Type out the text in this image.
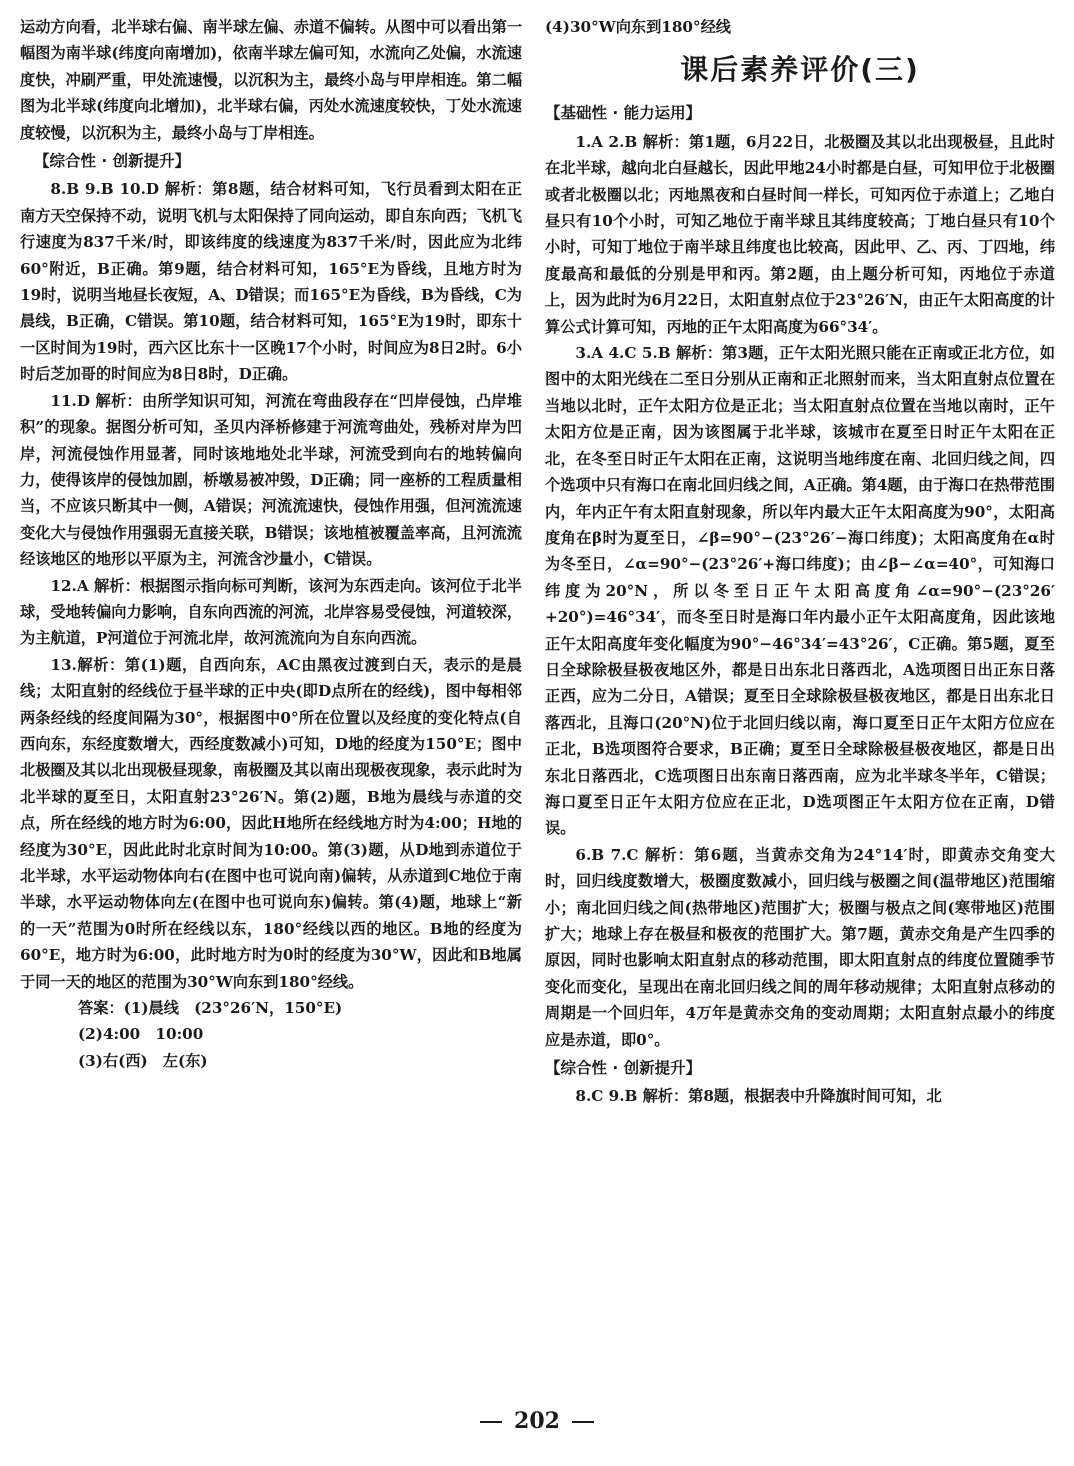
运动方向看，北半球右偏、南半球左偏、赤道不偏转。从图中可以看出第一幅图为南半球(纬度向南增加)，依南半球左偏可知，水流向乙处偏，水流速度快，冲刷严重，甲处流速慢，以沉积为主，最终小岛与甲岸相连。第二幅图为北半球(纬度向北增加)，北半球右偏，丙处水流速度较快，丁处水流速度较慢，以沉积为主，最终小岛与丁岸相连。

【综合性 · 创新提升】

8.B 9.B 10.D 解析：第8题，结合材料可知，飞行员看到太阳在正南方天空保持不动，说明飞机与太阳保持了同向运动，即自东向西；飞机飞行速度为837千米/时，即该纬度的线速度为837千米/时，因此应为北纬60°附近，B正确。第9题，结合材料可知，165°E为昏线，且地方时为19时，说明当地昼长夜短，A、D错误；而165°E为昏线，B为昏线，C为晨线，B正确，C错误。第10题，结合材料可知，165°E为19时，即东十一区时间为19时，西六区比东十一区晚17个小时，时间应为8日2时。6小时后芝加哥的时间应为8日8时，D正确。

11.D 解析：由所学知识可知，河流在弯曲段存在“凹岸侵蚀，凸岸堆积”的现象。据图分析可知，圣贝内泽桥修建于河流弯曲处，残桥对岸为凹岸，河流侵蚀作用显著，同时该地地处北半球，河流受到向右的地转偏向力，使得该岸的侵蚀加剧，桥墩易被冲毁，D正确；同一座桥的工程质量相当，不应该只断其中一侧，A错误；河流流速快，侵蚀作用强，但河流流速变化大与侵蚀作用强弱无直接关联，B错误；该地植被覆盖率高，且河流流经该地区的地形以平原为主，河流含沙量小，C错误。

12.A 解析：根据图示指向标可判断，该河为东西走向。该河位于北半球，受地转偏向力影响，自东向西流的河流，北岸容易受侵蚀，河道较深，为主航道，P河道位于河流北岸，故河流流向为自东向西流。

13.解析：第(1)题，自西向东，AC由黑夜过渡到白天，表示的是晨线；太阳直射的经线位于昼半球的正中央(即D点所在的经线)，图中每相邻两条经线的经度间隔为30°，根据图中0°所在位置以及经度的变化特点(自西向东，东经度数增大，西经度数减小)可知，D地的经度为150°E；图中北极圈及其以北出现极昼现象，南极圈及其以南出现极夜现象，表示此时为北半球的夏至日，太阳直射23°26′N。第(2)题，B地为晨线与赤道的交点，所在经线的地方时为6:00，因此H地所在经线地方时为4:00；H地的经度为30°E，因此此时北京时间为10:00。第(3)题，从D地到赤道位于北半球，水平运动物体向右(在图中也可说向南)偏转，从赤道到C地位于南半球，水平运动物体向左(在图中也可说向东)偏转。第(4)题，地球上“新的一天”范围为0时所在经线以东，180°经线以西的地区。B地的经度为60°E，地方时为6:00，此时地方时为0时的经度为30°W，因此和B地属于同一天的地区的范围为30°W向东到180°经线。

答案：(1)晨线　(23°26′N，150°E)

(2)4:00　10:00

(3)右(西)　左(东)

(4)30°W向东到180°经线

课后素养评价(三)
【基础性 · 能力运用】

1.A 2.B 解析：第1题，6月22日，北极圈及其以北出现极昼，且此时在北半球，越向北白昼越长，因此甲地24小时都是白昼，可知甲位于北极圈或者北极圈以北；丙地黑夜和白昼时间一样长，可知丙位于赤道上；乙地白昼只有10个小时，可知乙地位于南半球且其纬度较高；丁地白昼只有10个小时，可知丁地位于南半球且纬度也比较高，因此甲、乙、丙、丁四地，纬度最高和最低的分别是甲和丙。第2题，由上题分析可知，丙地位于赤道上，因为此时为6月22日，太阳直射点位于23°26′N，由正午太阳高度的计算公式计算可知，丙地的正午太阳高度为66°34′。

3.A 4.C 5.B 解析：第3题，正午太阳光照只能在正南或正北方位，如图中的太阳光线在二至日分别从正南和正北照射而来，当太阳直射点位置在当地以北时，正午太阳方位是正北；当太阳直射点位置在当地以南时，正午太阳方位是正南，因为该图属于北半球，该城市在夏至日时正午太阳在正北，在冬至日时正午太阳在正南，这说明当地纬度在南、北回归线之间，四个选项中只有海口在南北回归线之间，A正确。第4题，由于海口在热带范围内，年内正午有太阳直射现象，所以年内最大正午太阳高度为90°，太阳高度角在β时为夏至日，∠β=90°−(23°26′−海口纬度)；太阳高度角在α时为冬至日，∠α=90°−(23°26′+海口纬度)；由∠β−∠α=40°，可知海口纬度为20°N，所以冬至日正午太阳高度角∠α=90°−(23°26′+20°)=46°34′，而冬至日时是海口年内最小正午太阳高度角，因此该地正午太阳高度年变化幅度为90°−46°34′=43°26′，C正确。第5题，夏至日全球除极昼极夜地区外，都是日出东北日落西北，A选项图日出正东日落正西，应为二分日，A错误；夏至日全球除极昼极夜地区，都是日出东北日落西北，且海口(20°N)位于北回归线以南，海口夏至日正午太阳方位应在正北，B选项图符合要求，B正确；夏至日全球除极昼极夜地区，都是日出东北日落西北，C选项图日出东南日落西南，应为北半球冬半年，C错误；海口夏至日正午太阳方位应在正北，D选项图正午太阳方位在正南，D错误。

6.B 7.C 解析：第6题，当黄赤交角为24°14′时，即黄赤交角变大时，回归线度数增大，极圈度数减小，回归线与极圈之间(温带地区)范围缩小；南北回归线之间(热带地区)范围扩大；极圈与极点之间(寒带地区)范围扩大；地球上存在极昼和极夜的范围扩大。第7题，黄赤交角是产生四季的原因，同时也影响太阳直射点的移动范围，即太阳直射点的纬度位置随季节变化而变化，呈现出在南北回归线之间的周年移动规律；太阳直射点移动的周期是一个回归年，4万年是黄赤交角的变动周期；太阳直射点最小的纬度应是赤道，即0°。

【综合性 · 创新提升】

8.C 9.B 解析：第8题，根据表中升降旗时间可知，北

202
